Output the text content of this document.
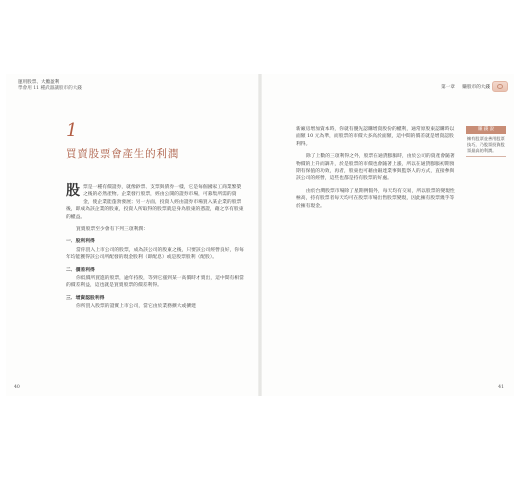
運用股票、大膽盈利
學會用 11 種武器讓股市的大錢
1
買賣股票會產生的利潤

股票是一種有價證券，就像鈔票、支票與債券一樣，它是每個國家工商業繁榮之後的必然產物。企業發行股票，經由公開的證券市場，可募集所需的資金，使企業能蓬勃發展；另一方面，投資人經由證券市場買入某企業的股票後，即成為該企業的股東，投資人所取得的股票就是身為股東的憑證，藉之享有股東的權益。

買賣股票至少會有下列三項利潤：

一．股利利得

當你買入上市公司的股票，成為該公司的股東之後，只要該公司經營良好，你每年均能獲得該公司所配發的現金股利（即配息）或是股票股利（配股）。

二．價差利得

你低價所買進的股票，逾年持股，等到它漲到某一高價時才賣出，這中間有相當的價差利益，這也就是買賣股票的價差利得。

三．增資認股利得

你所買入股票的證實上市公司，當它由於業務擴大或擴建

40
第一章 賺股市的大錢

新廠房增加資本時，你就有優先認購增資股份的權利，通常原股東認購時以面額 10 元為準，而股票的市價大多高於面額，這中間的價差就是增資認股利得。

除了上數的三項利得之外，股票在通貨膨脹時，由於公司的資產會隨著物價的上升而調升，於是股票的市價也會隨著上漲，所以在通貨膨脹初期預期有保值的功效，再者，股東也可藉由銀達業事與監察人的方式，直接參與該公司的經營，這些也都是持有股票的好處。

由於台灣股票市場除了星期例假外，每天均有交易，所以股票的變現性極高，持有股票者每天均可在股票市場出售股票變現，因此擁有股票幾乎等於擁有現金。

賺 錢 說
擁有股票並善用股票技巧，乃股票投資股票最高的利潤。
41
